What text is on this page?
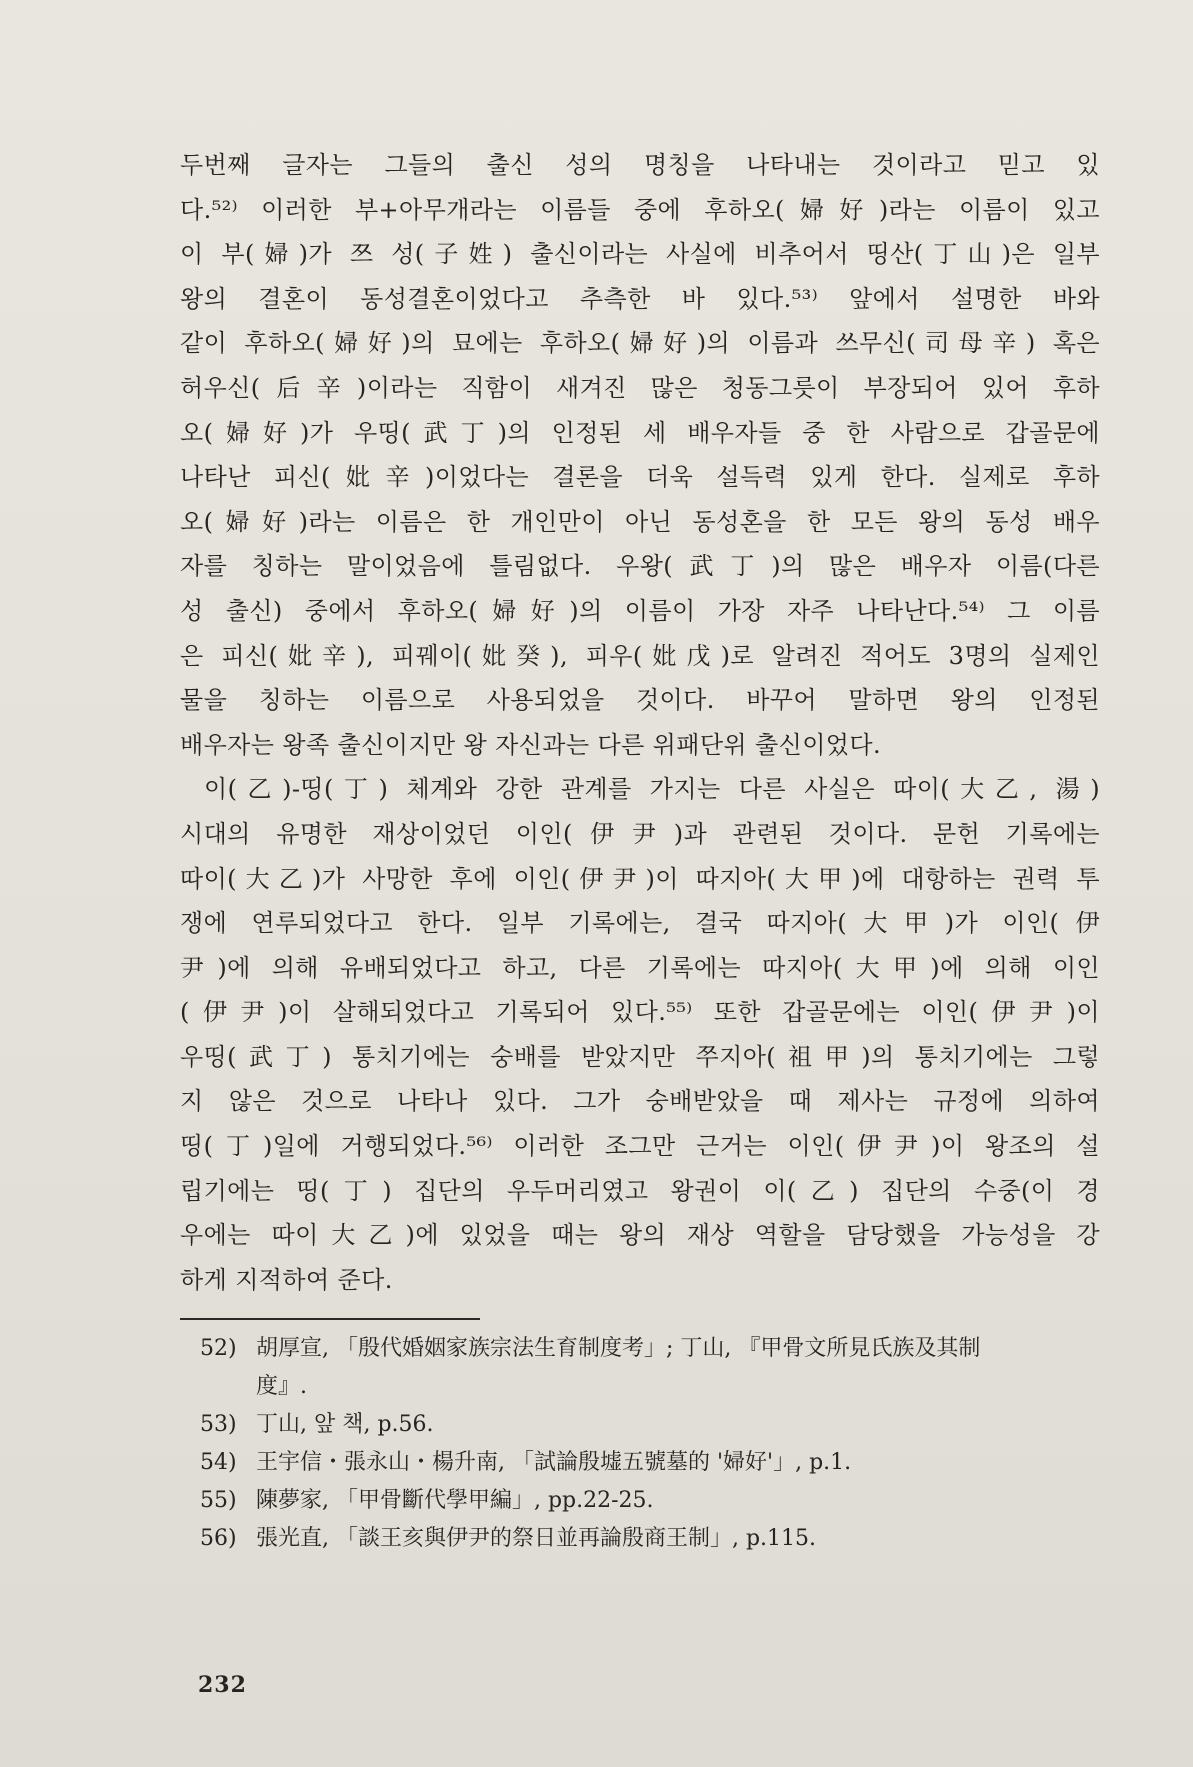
두번째 글자는 그들의 출신 성의 명칭을 나타내는 것이라고 믿고 있
다.⁵²⁾ 이러한 부+아무개라는 이름들 중에 후하오(婦好)라는 이름이 있고
이 부(婦)가 쯔 성(子姓) 출신이라는 사실에 비추어서 띵산(丁山)은 일부
왕의 결혼이 동성결혼이었다고 추측한 바 있다.⁵³⁾ 앞에서 설명한 바와
같이 후하오(婦好)의 묘에는 후하오(婦好)의 이름과 쓰무신(司母辛) 혹은
허우신(后辛)이라는 직함이 새겨진 많은 청동그릇이 부장되어 있어 후하
오(婦好)가 우띵(武丁)의 인정된 세 배우자들 중 한 사람으로 갑골문에
나타난 피신(妣辛)이었다는 결론을 더욱 설득력 있게 한다. 실제로 후하
오(婦好)라는 이름은 한 개인만이 아닌 동성혼을 한 모든 왕의 동성 배우
자를 칭하는 말이었음에 틀림없다. 우왕(武丁)의 많은 배우자 이름(다른
성 출신) 중에서 후하오(婦好)의 이름이 가장 자주 나타난다.⁵⁴⁾ 그 이름
은 피신(妣辛), 피꿰이(妣癸), 피우(妣戊)로 알려진 적어도 3명의 실제인
물을 칭하는 이름으로 사용되었을 것이다. 바꾸어 말하면 왕의 인정된
배우자는 왕족 출신이지만 왕 자신과는 다른 위패단위 출신이었다.

이(乙)-띵(丁) 체계와 강한 관계를 가지는 다른 사실은 따이(大乙, 湯)
시대의 유명한 재상이었던 이인(伊尹)과 관련된 것이다. 문헌 기록에는
따이(大乙)가 사망한 후에 이인(伊尹)이 따지아(大甲)에 대항하는 권력 투
쟁에 연루되었다고 한다. 일부 기록에는, 결국 따지아(大甲)가 이인(伊
尹)에 의해 유배되었다고 하고, 다른 기록에는 따지아(大甲)에 의해 이인
(伊尹)이 살해되었다고 기록되어 있다.⁵⁵⁾ 또한 갑골문에는 이인(伊尹)이
우띵(武丁) 통치기에는 숭배를 받았지만 쭈지아(祖甲)의 통치기에는 그렇
지 않은 것으로 나타나 있다. 그가 숭배받았을 때 제사는 규정에 의하여
띵(丁)일에 거행되었다.⁵⁶⁾ 이러한 조그만 근거는 이인(伊尹)이 왕조의 설
립기에는 띵(丁) 집단의 우두머리였고 왕권이 이(乙) 집단의 수중(이 경
우에는 따이大乙)에 있었을 때는 왕의 재상 역할을 담당했을 가능성을 강
하게 지적하여 준다.

52) 胡厚宣, 「殷代婚姻家族宗法生育制度考」; 丁山, 『甲骨文所見氏族及其制
度』.
53) 丁山, 앞 책, p.56.
54) 王宇信・張永山・楊升南, 「試論殷墟五號墓的 '婦好'」, p.1.
55) 陳夢家, 「甲骨斷代學甲編」, pp.22-25.
56) 張光直, 「談王亥與伊尹的祭日並再論殷商王制」, p.115.
232
